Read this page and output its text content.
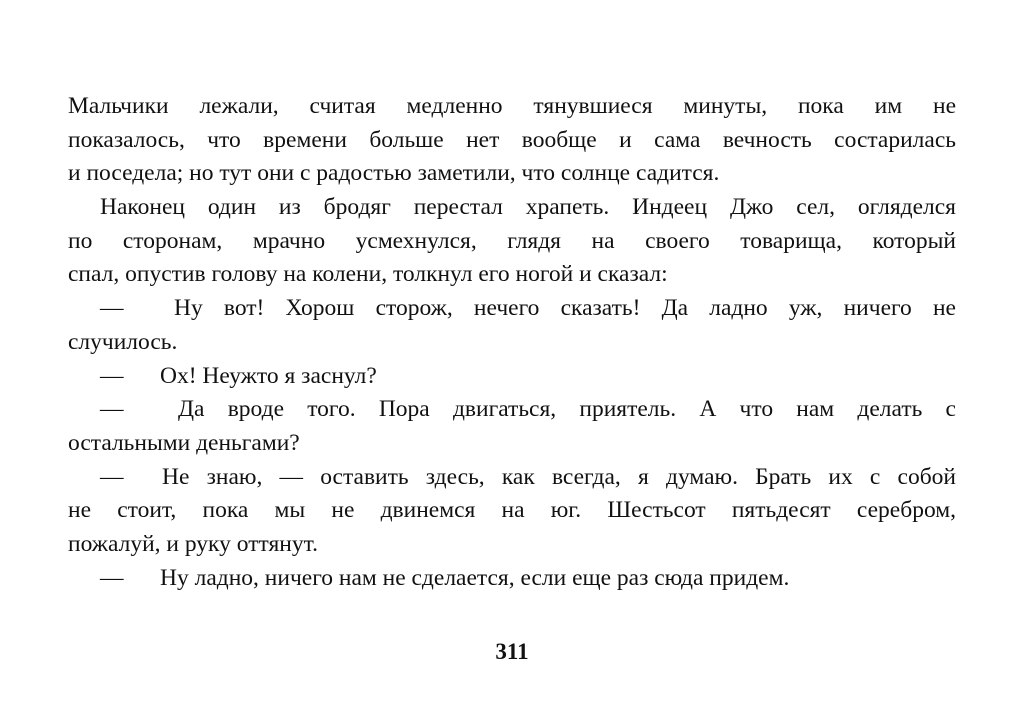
Мальчики лежали, считая медленно тянувшиеся минуты, пока им не
показалось, что времени больше нет вообще и сама вечность состарилась
и поседела; но тут они с радостью заметили, что солнце садится.
Наконец один из бродяг перестал храпеть. Индеец Джо сел, огляделся
по сторонам, мрачно усмехнулся, глядя на своего товарища, который
спал, опустив голову на колени, толкнул его ногой и сказал:
—	Ну вот! Хорош сторож, нечего сказать! Да ладно уж, ничего не
случилось.
—	Ох! Неужто я заснул?
—	Да вроде того. Пора двигаться, приятель. А что нам делать с
остальными деньгами?
—	Не знаю, — оставить здесь, как всегда, я думаю. Брать их с собой
не стоит, пока мы не двинемся на юг. Шестьсот пятьдесят серебром,
пожалуй, и руку оттянут.
—	Ну ладно, ничего нам не сделается, если еще раз сюда придем.
311
